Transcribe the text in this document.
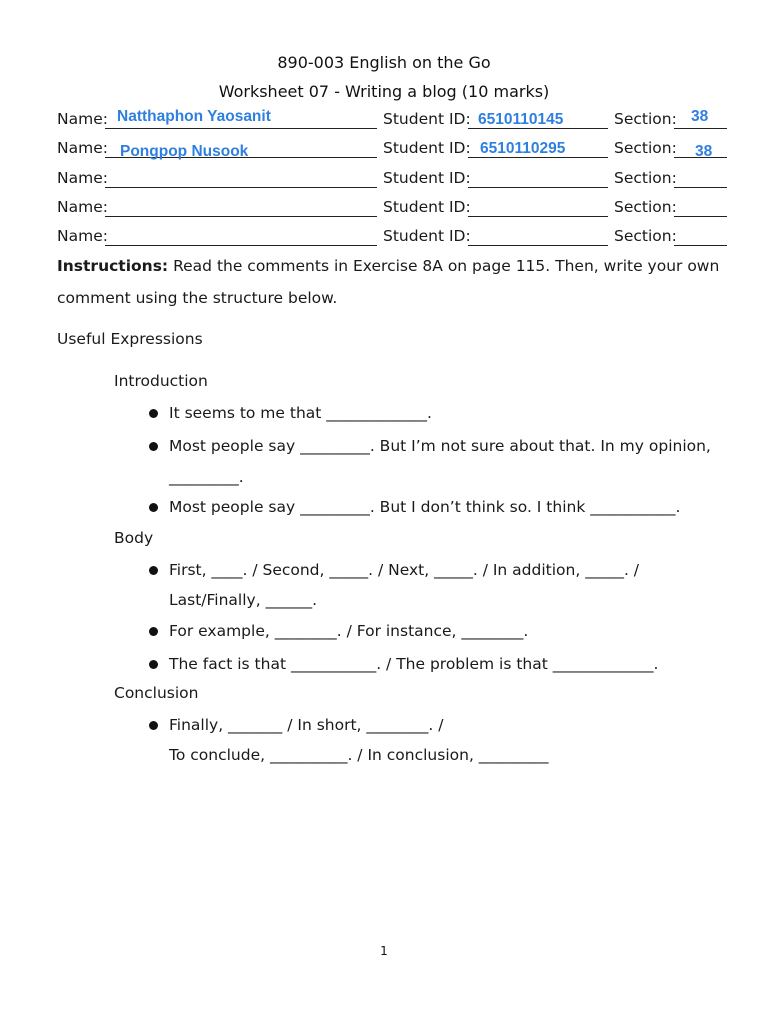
890-003 English on the Go
Worksheet 07 - Writing a blog (10 marks)
Name: Natthaphon Yaosanit	Student ID: 6510110145	Section: 38
Name: Pongpop Nusook	Student ID: 6510110295	Section: 38
Name:	Student ID:	Section:
Name:	Student ID:	Section:
Name:	Student ID:	Section:
Instructions: Read the comments in Exercise 8A on page 115. Then, write your own
comment using the structure below.
Useful Expressions
Introduction
It seems to me that _____________.
Most people say _________. But I’m not sure about that. In my opinion,
_________.
Most people say _________. But I don’t think so. I think ___________.
Body
First, ____. / Second, _____. / Next, _____. / In addition, _____. /
Last/Finally, ______.
For example, ________. / For instance, ________.
The fact is that ___________. / The problem is that _____________.
Conclusion
Finally, _______ / In short, ________. /
To conclude, __________. / In conclusion, _________
1
